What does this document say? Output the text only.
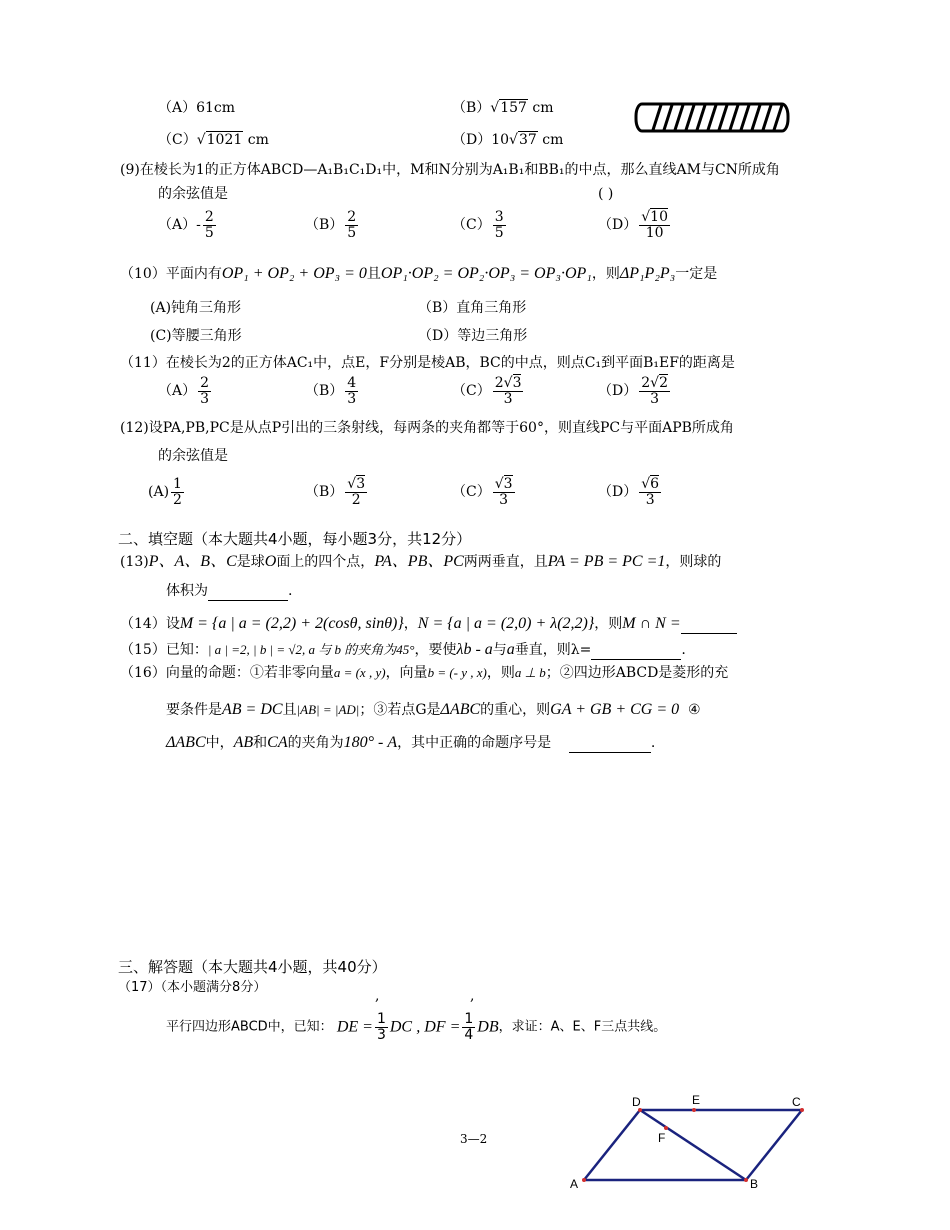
（A）61cm	（B）√157 cm
（C）√1021 cm	（D）10√37 cm
(9)在棱长为1的正方体ABCD—A₁B₁C₁D₁中，M和N分别为A₁B₁和BB₁的中点，那么直线AM与CN所成角
的余弦值是	( )
$(A)- \frac{2}{5}$	$(B) \frac{2}{5}$	$(C) \frac{3}{5}$	$(D) \frac{√10}{10}$
（10）平面内有OP₁ + OP₂ + OP₃ = 0且OP₁·OP₂ = OP₂·OP₃ = OP₃·OP₁，则ΔP₁P₂P₃一定是
(A)钝角三角形	（B）直角三角形
(C)等腰三角形	（D）等边三角形
（11）在棱长为2的正方体AC₁中，点E，F分别是棱AB，BC的中点，则点C₁到平面B₁EF的距离是
$(A) \frac{2}{3}$	$(B) \frac{4}{3}$	$(C) \frac{2√3}{3}$	$(D) \frac{2√2}{3}$
(12)设PA,PB,PC是从点P引出的三条射线，每两条的夹角都等于60°，则直线PC与平面APB所成角
的余弦值是
$(A) \frac{1}{2}$	$(B) \frac{√3}{2}$	$(C) \frac{√3}{3}$	$(D) \frac{√6}{3}$
二、填空题（本大题共4小题，每小题3分，共12分）
(13)P、A、B、C是球O面上的四个点，PA、PB、PC两两垂直，且PA = PB = PC =1，则球的
体积为	.
（14）设M = {a | a = (2,2) + 2(cosθ, sinθ)}，N = {a | a = (2,0) + λ(2,2)}，则M ∩ N =
（15）已知：| a | =2, | b | = √2, a 与 b 的夹角为45°，要使λb - a与a垂直，则λ=	.
（16）向量的命题：①若非零向量a = (x , y)，向量b = (- y , x)，则a ⊥ b；②四边形ABCD是菱形的充
要条件是AB = DC且|AB| = |AD|；③若点G是ΔABC的重心，则GA + GB + CG = 0 ④
ΔABC中，AB和CA的夹角为180° - A，其中正确的命题序号是	.
三、解答题（本大题共4小题，共40分）
（17）（本小题满分8分）
,	,
平行四边形ABCD中，已知： DE = $\frac{1}{3}$ DC , DF = $\frac{1}{4}$ DB，求证：A、E、F三点共线。
A	B
C
D	E
F
3—2
